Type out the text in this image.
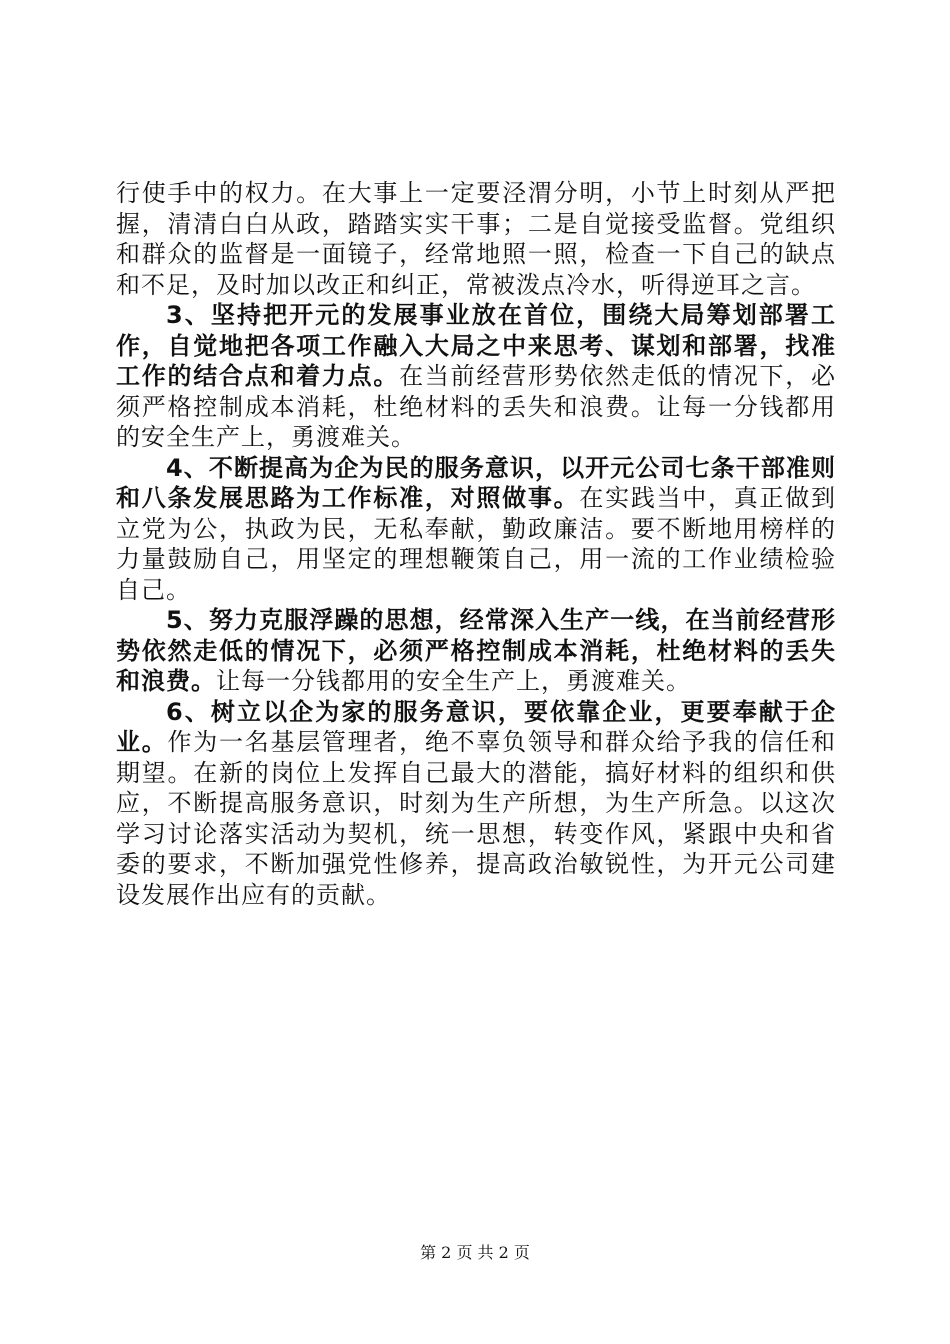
行使手中的权力。在大事上一定要泾渭分明，小节上时刻从严把握，清清白白从政，踏踏实实干事；二是自觉接受监督。党组织和群众的监督是一面镜子，经常地照一照，检查一下自己的缺点和不足，及时加以改正和纠正，常被泼点冷水，听得逆耳之言。

3、坚持把开元的发展事业放在首位，围绕大局筹划部署工作，自觉地把各项工作融入大局之中来思考、谋划和部署，找准工作的结合点和着力点。在当前经营形势依然走低的情况下，必须严格控制成本消耗，杜绝材料的丢失和浪费。让每一分钱都用的安全生产上，勇渡难关。

4、不断提高为企为民的服务意识，以开元公司七条干部准则和八条发展思路为工作标准，对照做事。在实践当中，真正做到立党为公，执政为民，无私奉献，勤政廉洁。要不断地用榜样的力量鼓励自己，用坚定的理想鞭策自己，用一流的工作业绩检验自己。

5、努力克服浮躁的思想，经常深入生产一线，在当前经营形势依然走低的情况下，必须严格控制成本消耗，杜绝材料的丢失和浪费。让每一分钱都用的安全生产上，勇渡难关。

6、树立以企为家的服务意识，要依靠企业，更要奉献于企业。作为一名基层管理者，绝不辜负领导和群众给予我的信任和期望。在新的岗位上发挥自己最大的潜能，搞好材料的组织和供应，不断提高服务意识，时刻为生产所想，为生产所急。以这次学习讨论落实活动为契机，统一思想，转变作风，紧跟中央和省委的要求，不断加强党性修养，提高政治敏锐性，为开元公司建设发展作出应有的贡献。

第 2 页 共 2 页
